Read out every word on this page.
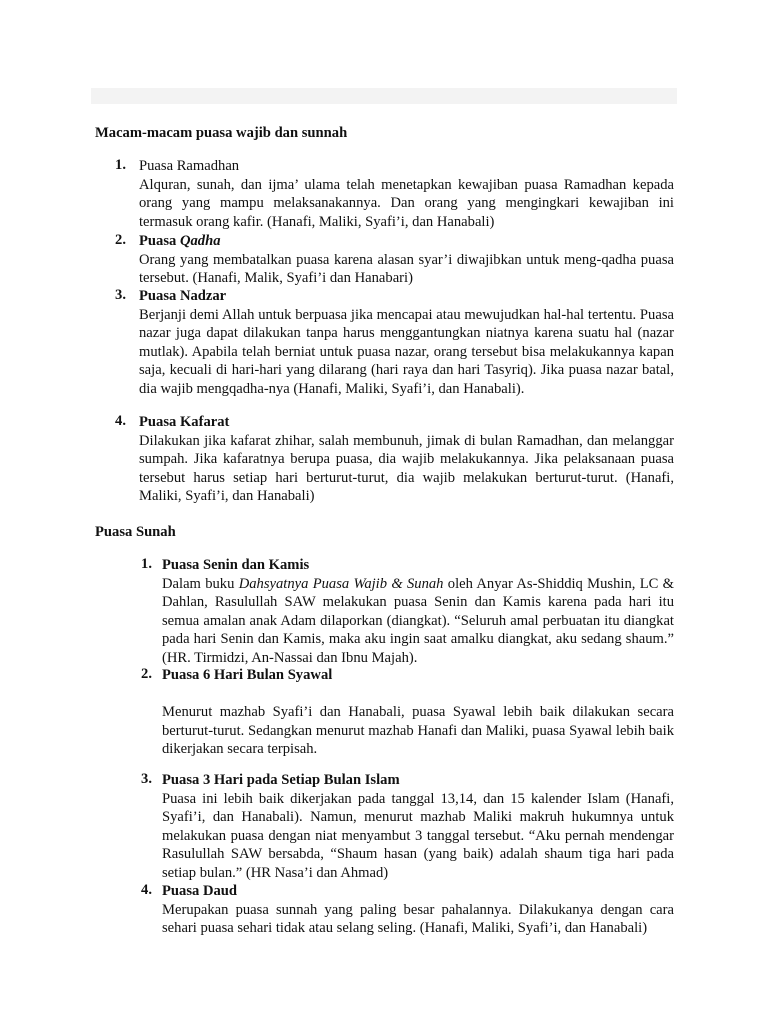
Macam-macam puasa wajib dan sunnah
1. Puasa Ramadhan
Alquran, sunah, dan ijma’ ulama telah menetapkan kewajiban puasa Ramadhan kepada orang yang mampu melaksanakannya. Dan orang yang mengingkari kewajiban ini termasuk orang kafir. (Hanafi, Maliki, Syafi’i, dan Hanabali)
2. Puasa Qadha
Orang yang membatalkan puasa karena alasan syar’i diwajibkan untuk meng-qadha puasa tersebut. (Hanafi, Malik, Syafi’i dan Hanabari)
3. Puasa Nadzar
Berjanji demi Allah untuk berpuasa jika mencapai atau mewujudkan hal-hal tertentu. Puasa nazar juga dapat dilakukan tanpa harus menggantungkan niatnya karena suatu hal (nazar mutlak). Apabila telah berniat untuk puasa nazar, orang tersebut bisa melakukannya kapan saja, kecuali di hari-hari yang dilarang (hari raya dan hari Tasyriq). Jika puasa nazar batal, dia wajib mengqadha-nya (Hanafi, Maliki, Syafi’i, dan Hanabali).
4. Puasa Kafarat
Dilakukan jika kafarat zhihar, salah membunuh, jimak di bulan Ramadhan, dan melanggar sumpah. Jika kafaratnya berupa puasa, dia wajib melakukannya. Jika pelaksanaan puasa tersebut harus setiap hari berturut-turut, dia wajib melakukan berturut-turut. (Hanafi, Maliki, Syafi’i, dan Hanabali)
Puasa Sunah
1. Puasa Senin dan Kamis
Dalam buku Dahsyatnya Puasa Wajib & Sunah oleh Anyar As-Shiddiq Mushin, LC & Dahlan, Rasulullah SAW melakukan puasa Senin dan Kamis karena pada hari itu semua amalan anak Adam dilaporkan (diangkat). “Seluruh amal perbuatan itu diangkat pada hari Senin dan Kamis, maka aku ingin saat amalku diangkat, aku sedang shaum.” (HR. Tirmidzi, An-Nassai dan Ibnu Majah).
2. Puasa 6 Hari Bulan Syawal
Menurut mazhab Syafi’i dan Hanabali, puasa Syawal lebih baik dilakukan secara berturut-turut. Sedangkan menurut mazhab Hanafi dan Maliki, puasa Syawal lebih baik dikerjakan secara terpisah.
3. Puasa 3 Hari pada Setiap Bulan Islam
Puasa ini lebih baik dikerjakan pada tanggal 13,14, dan 15 kalender Islam (Hanafi, Syafi’i, dan Hanabali). Namun, menurut mazhab Maliki makruh hukumnya untuk melakukan puasa dengan niat menyambut 3 tanggal tersebut. “Aku pernah mendengar Rasulullah SAW bersabda, “Shaum hasan (yang baik) adalah shaum tiga hari pada setiap bulan.” (HR Nasa’i dan Ahmad)
4. Puasa Daud
Merupakan puasa sunnah yang paling besar pahalannya. Dilakukanya dengan cara sehari puasa sehari tidak atau selang seling. (Hanafi, Maliki, Syafi’i, dan Hanabali)
